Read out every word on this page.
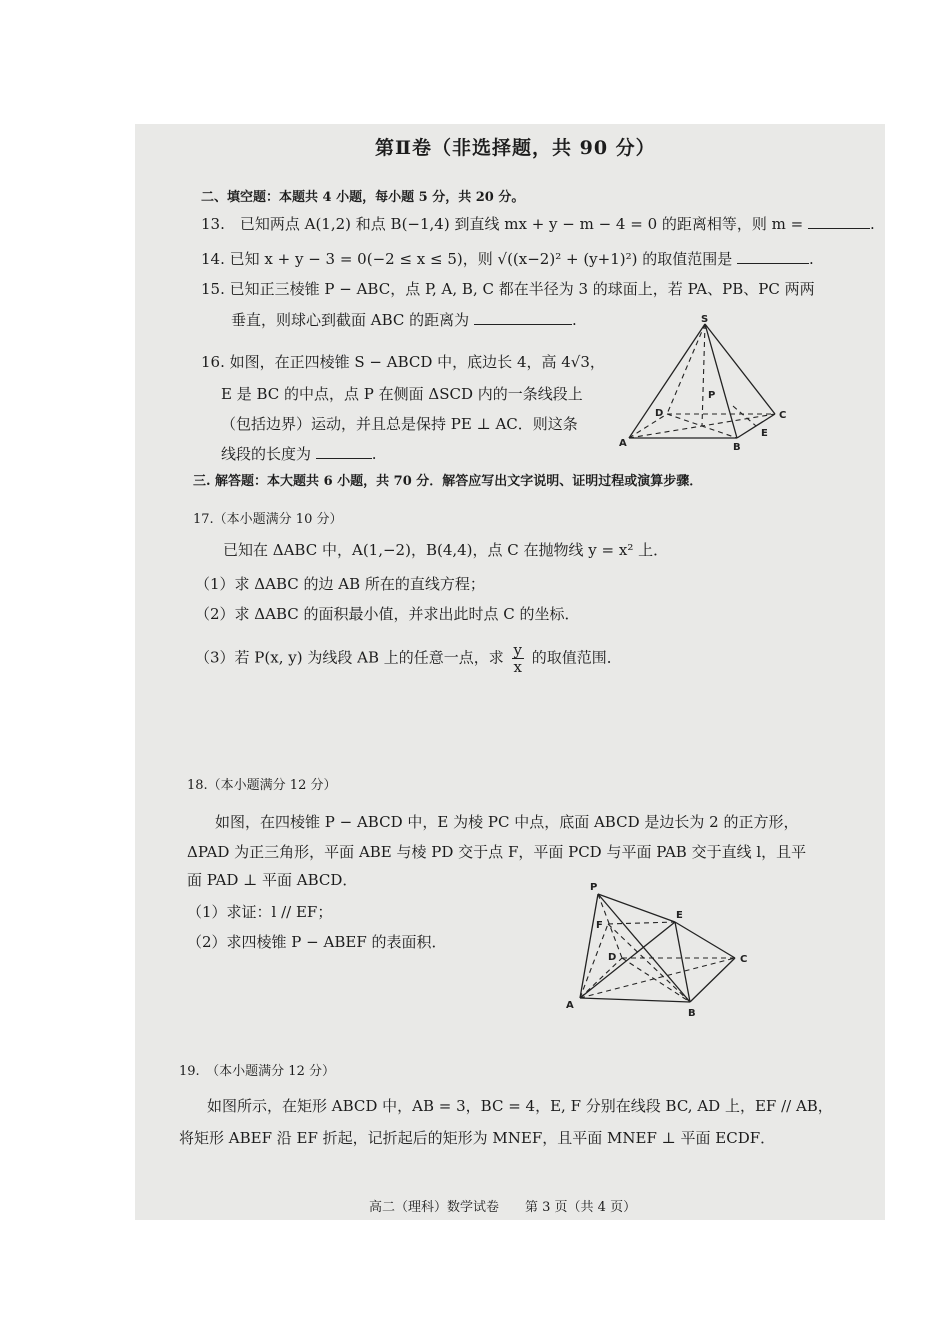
第Ⅱ卷（非选择题，共 90 分）
二、填空题：本题共 4 小题，每小题 5 分，共 20 分。
13.　已知两点 A(1,2) 和点 B(−1,4) 到直线 mx + y − m − 4 = 0 的距离相等，则 m =	.
14. 已知 x + y − 3 = 0(−2 ≤ x ≤ 5)，则 √((x−2)² + (y+1)²) 的取值范围是	.
15. 已知正三棱锥 P − ABC，点 P, A, B, C 都在半径为 3 的球面上，若 PA、PB、PC 两两
垂直，则球心到截面 ABC 的距离为	.
16. 如图，在正四棱锥 S − ABCD 中，底边长 4，高 4√3，
E 是 BC 的中点，点 P 在侧面 ΔSCD 内的一条线段上
（包括边界）运动，并且总是保持 PE ⊥ AC．则这条
线段的长度为	.
S
P
D	C
A	B
E
三. 解答题：本大题共 6 小题，共 70 分．解答应写出文字说明、证明过程或演算步骤．
17.（本小题满分 10 分）
已知在 ΔABC 中，A(1,−2)，B(4,4)，点 C 在抛物线 y = x² 上．
（1）求 ΔABC 的边 AB 所在的直线方程；
（2）求 ΔABC 的面积最小值，并求出此时点 C 的坐标．
（3）若 P(x, y) 为线段 AB 上的任意一点，求 $\frac{y}{x}$ 的取值范围．
18.（本小题满分 12 分）
如图，在四棱锥 P − ABCD 中，E 为棱 PC 中点，底面 ABCD 是边长为 2 的正方形，
ΔPAD 为正三角形，平面 ABE 与棱 PD 交于点 F，平面 PCD 与平面 PAB 交于直线 l，且平
面 PAD ⊥ 平面 ABCD．
（1）求证：l // EF；
（2）求四棱锥 P − ABEF 的表面积．
P
E
F
D	C
A
B
19.　（本小题满分 12 分）
如图所示，在矩形 ABCD 中，AB = 3，BC = 4，E, F 分别在线段 BC, AD 上，EF // AB，
将矩形 ABEF 沿 EF 折起，记折起后的矩形为 MNEF，且平面 MNEF ⊥ 平面 ECDF．
高二（理科）数学试卷　　第 3 页（共 4 页）
